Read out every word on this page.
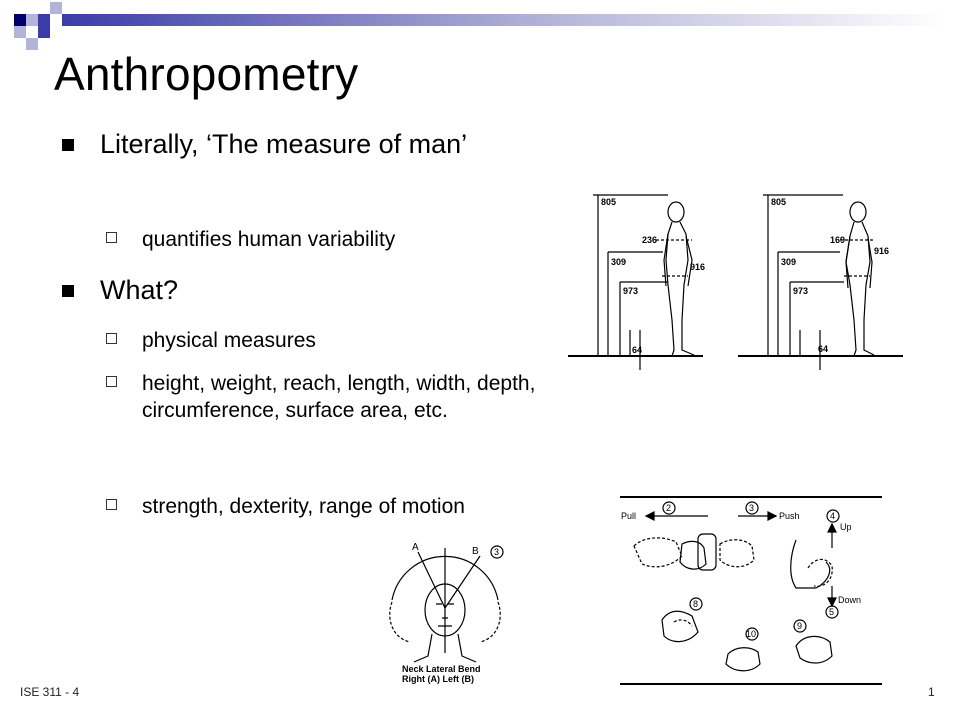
Anthropometry
Literally, ‘The measure of man’
quantifies human variability
What?
physical measures
height, weight, reach, length, width, depth, circumference, surface area, etc.
strength, dexterity, range of motion
805
236
309	916
973
64
805
169
309
916
973
64
Pull	Push
Up
Down
2	3
4
5
8
9
10
A	B 3
Neck Lateral Bend
Right (A) Left (B)
ISE 311 - 4	1
